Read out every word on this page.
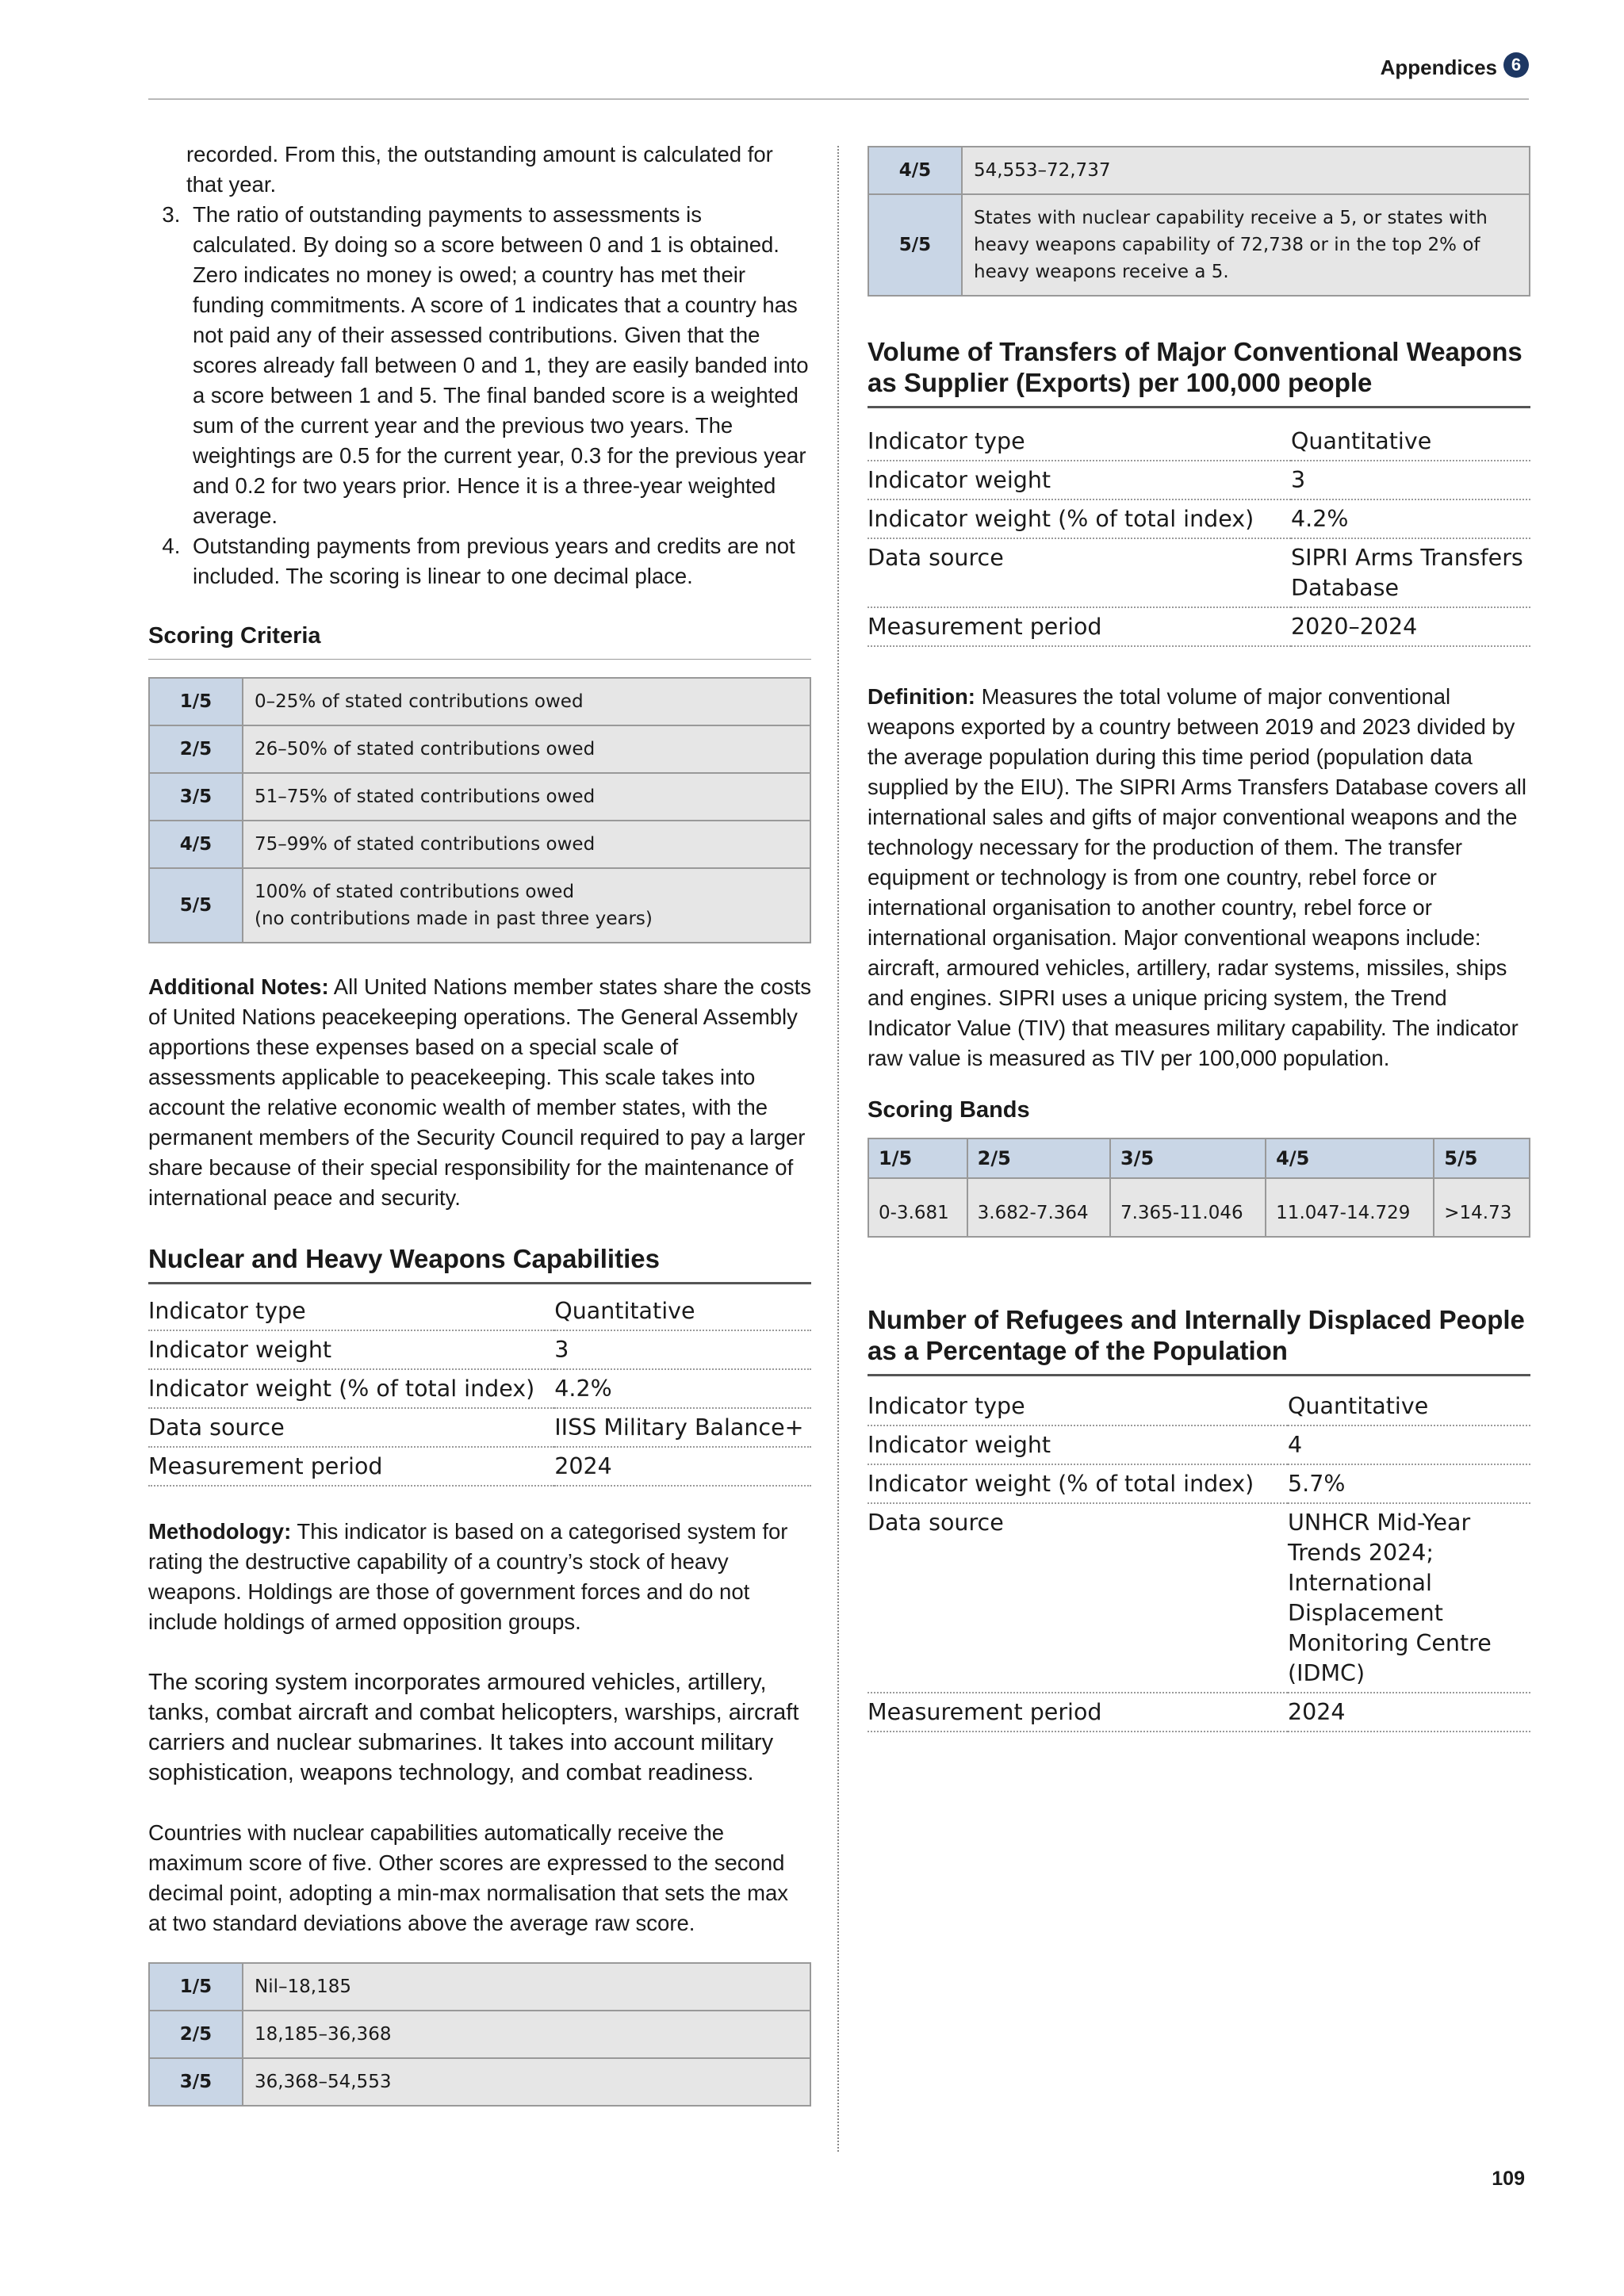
Appendices 6
recorded. From this, the outstanding amount is calculated for that year.
3. The ratio of outstanding payments to assessments is calculated. By doing so a score between 0 and 1 is obtained. Zero indicates no money is owed; a country has met their funding commitments. A score of 1 indicates that a country has not paid any of their assessed contributions. Given that the scores already fall between 0 and 1, they are easily banded into a score between 1 and 5. The final banded score is a weighted sum of the current year and the previous two years. The weightings are 0.5 for the current year, 0.3 for the previous year and 0.2 for two years prior. Hence it is a three-year weighted average.
4. Outstanding payments from previous years and credits are not included. The scoring is linear to one decimal place.
Scoring Criteria
1/5	0–25% of stated contributions owed
2/5	26–50% of stated contributions owed
3/5	51–75% of stated contributions owed
4/5	75–99% of stated contributions owed
5/5	100% of stated contributions owed
(no contributions made in past three years)

Additional Notes: All United Nations member states share the costs of United Nations peacekeeping operations. The General Assembly apportions these expenses based on a special scale of assessments applicable to peacekeeping. This scale takes into account the relative economic wealth of member states, with the permanent members of the Security Council required to pay a larger share because of their special responsibility for the maintenance of international peace and security.

Nuclear and Heavy Weapons Capabilities
Indicator type	Quantitative
Indicator weight	3
Indicator weight (% of total index)	4.2%
Data source	IISS Military Balance+
Measurement period	2024

Methodology: This indicator is based on a categorised system for rating the destructive capability of a country’s stock of heavy weapons. Holdings are those of government forces and do not include holdings of armed opposition groups.

The scoring system incorporates armoured vehicles, artillery, tanks, combat aircraft and combat helicopters, warships, aircraft carriers and nuclear submarines. It takes into account military sophistication, weapons technology, and combat readiness.

Countries with nuclear capabilities automatically receive the maximum score of five. Other scores are expressed to the second decimal point, adopting a min-max normalisation that sets the max at two standard deviations above the average raw score.

1/5	Nil–18,185
2/5	18,185–36,368
3/5	36,368–54,553
4/5	54,553–72,737
5/5	States with nuclear capability receive a 5, or states with heavy weapons capability of 72,738 or in the top 2% of heavy weapons receive a 5.
Volume of Transfers of Major Conventional Weapons as Supplier (Exports) per 100,000 people
Indicator type	Quantitative
Indicator weight	3
Indicator weight (% of total index)	4.2%
Data source	SIPRI Arms Transfers Database
Measurement period	2020–2024

Definition: Measures the total volume of major conventional weapons exported by a country between 2019 and 2023 divided by the average population during this time period (population data supplied by the EIU). The SIPRI Arms Transfers Database covers all international sales and gifts of major conventional weapons and the technology necessary for the production of them. The transfer equipment or technology is from one country, rebel force or international organisation to another country, rebel force or international organisation. Major conventional weapons include: aircraft, armoured vehicles, artillery, radar systems, missiles, ships and engines. SIPRI uses a unique pricing system, the Trend Indicator Value (TIV) that measures military capability. The indicator raw value is measured as TIV per 100,000 population.

Scoring Bands
1/5	2/5	3/5	4/5	5/5
0-3.681	3.682-7.364	7.365-11.046	11.047-14.729	>14.73
Number of Refugees and Internally Displaced People as a Percentage of the Population
Indicator type	Quantitative
Indicator weight	4
Indicator weight (% of total index)	5.7%
Data source	UNHCR Mid-Year Trends 2024; International Displacement Monitoring Centre (IDMC)
Measurement period	2024
109
